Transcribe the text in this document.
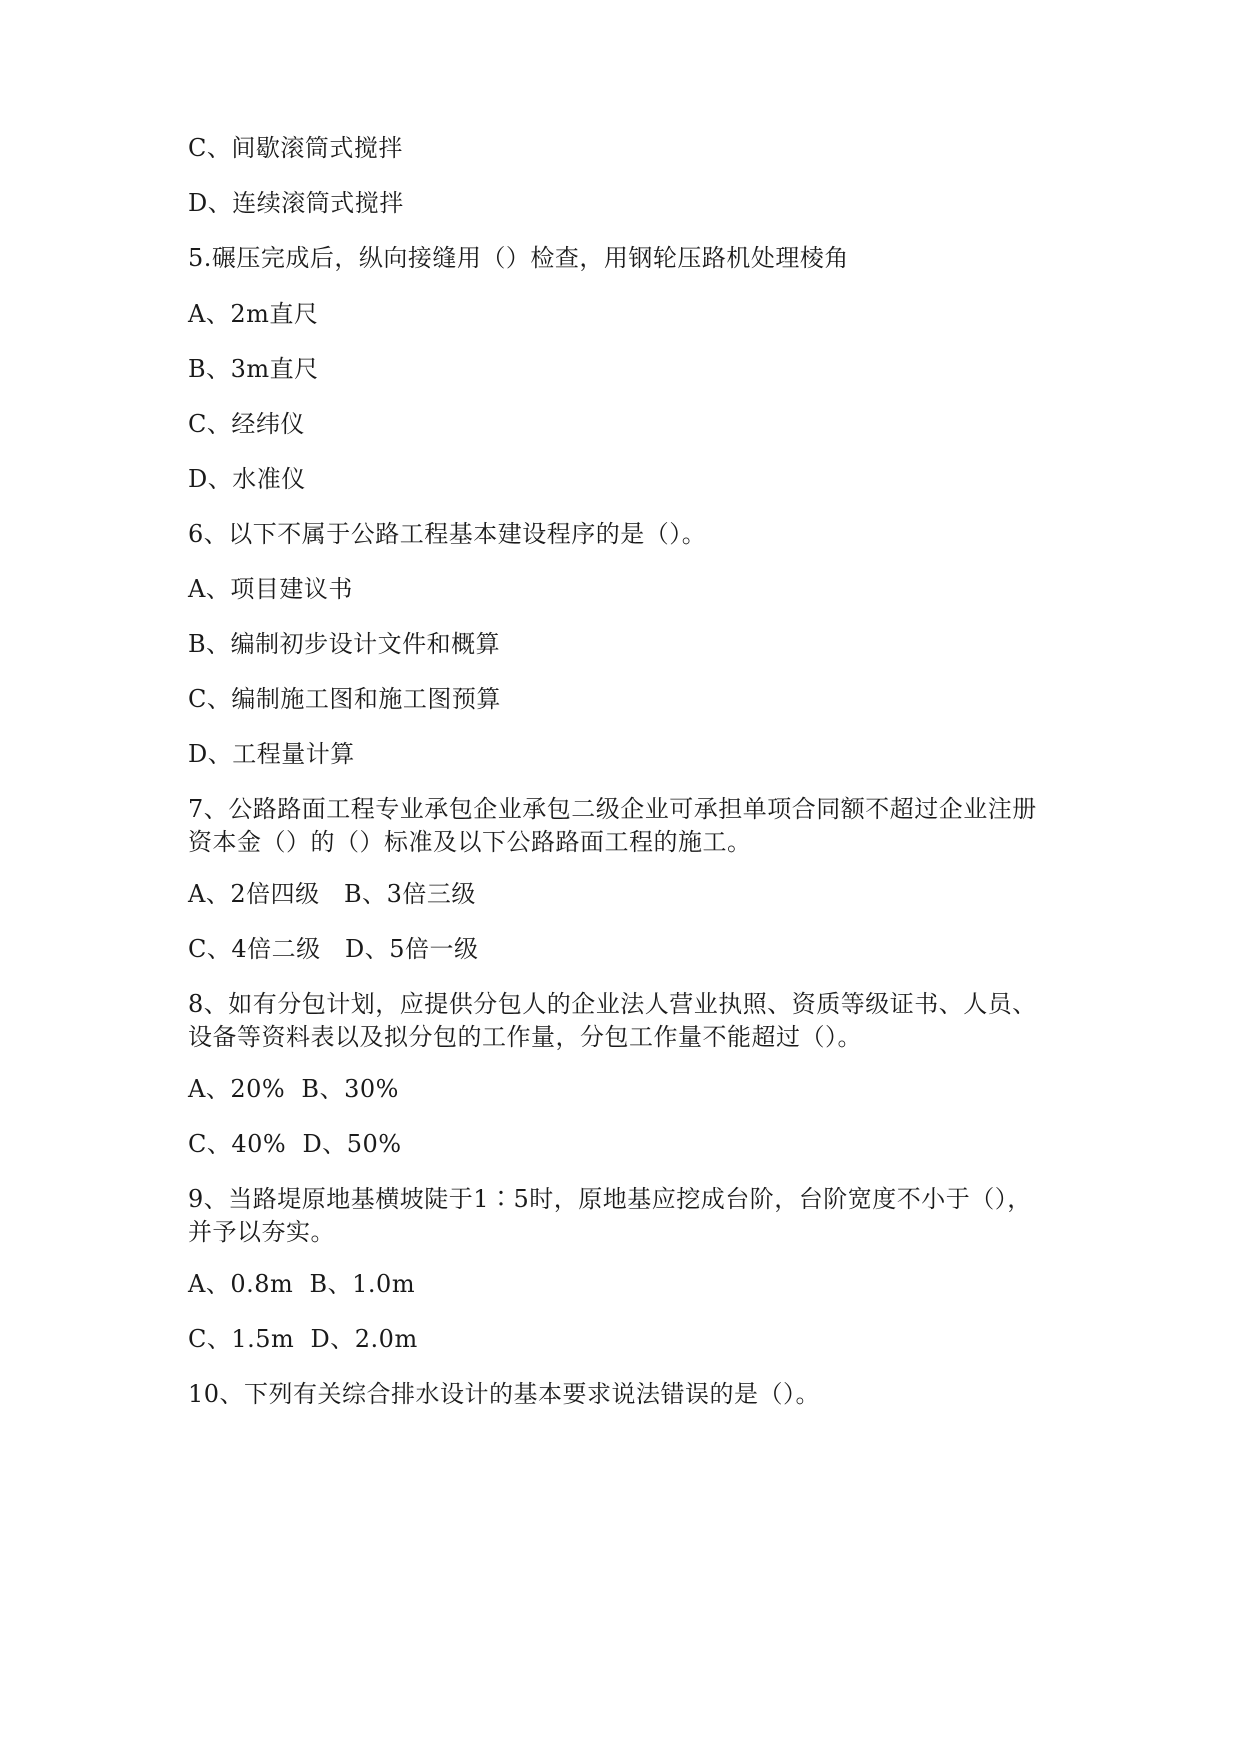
C、间歇滚筒式搅拌
D、连续滚筒式搅拌
5.碾压完成后，纵向接缝用（）检查，用钢轮压路机处理棱角
A、2m直尺
B、3m直尺
C、经纬仪
D、水准仪
6、以下不属于公路工程基本建设程序的是（）。
A、项目建议书
B、编制初步设计文件和概算
C、编制施工图和施工图预算
D、工程量计算
7、公路路面工程专业承包企业承包二级企业可承担单项合同额不超过企业注册
资本金（）的（）标准及以下公路路面工程的施工。
A、2倍四级   B、3倍三级
C、4倍二级   D、5倍一级
8、如有分包计划，应提供分包人的企业法人营业执照、资质等级证书、人员、
设备等资料表以及拟分包的工作量，分包工作量不能超过（）。
A、20%  B、30%
C、40%  D、50%
9、当路堤原地基横坡陡于1∶5时，原地基应挖成台阶，台阶宽度不小于（），
并予以夯实。
A、0.8m  B、1.0m
C、1.5m  D、2.0m
10、下列有关综合排水设计的基本要求说法错误的是（）。
